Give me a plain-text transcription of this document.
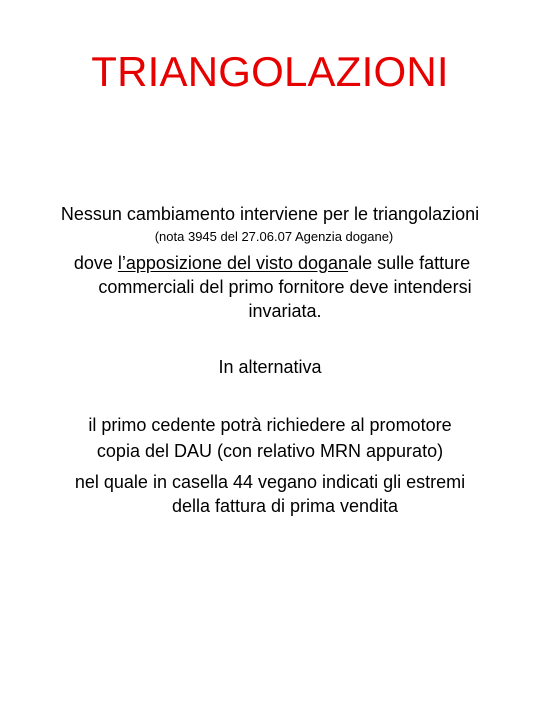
TRIANGOLAZIONI
Nessun cambiamento interviene per le triangolazioni
(nota 3945 del 27.06.07 Agenzia dogane)
dove l’apposizione del visto doganale sulle fatture
commerciali del primo fornitore deve intendersi
invariata.
In alternativa
il primo cedente potrà richiedere al promotore
copia del DAU (con relativo MRN appurato)
nel quale in casella 44 vegano indicati gli estremi
della fattura di prima vendita
